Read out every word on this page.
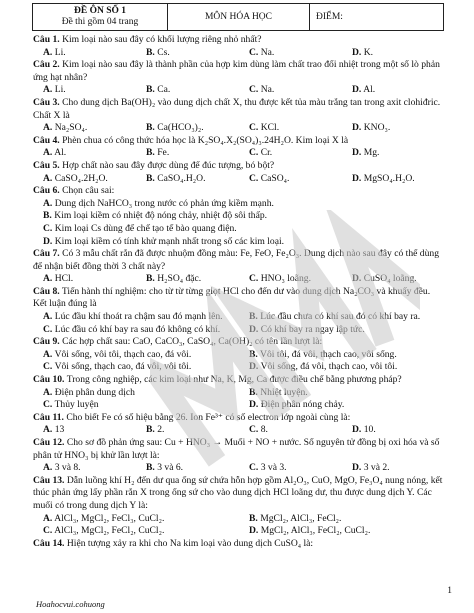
ĐỀ ÔN SỐ 1
Đề thi gồm 04 trang
MÔN HÓA HỌC	ĐIỂM:
Câu 1. Kim loại nào sau đây có khối lượng riêng nhỏ nhất?
A. Li.	B. Cs.	C. Na.	D. K.
Câu 2. Kim loại nào sau đây là thành phần của hợp kim dùng làm chất trao đổi nhiệt trong một số lò phản ứng hạt nhân?
A. Li.	B. Ca.	C. Na.	D. Al.
Câu 3. Cho dung dịch Ba(OH)₂ vào dung dịch chất X, thu được kết tủa màu trắng tan trong axit clohiđric. Chất X là
A. Na₂SO₄.	B. Ca(HCO₃)₂.	C. KCl.	D. KNO₃.
Câu 4. Phèn chua có công thức hóa học là K₂SO₄.X₂(SO₄)₃.24H₂O. Kim loại X là
A. Al.	B. Fe.	C. Cr.	D. Mg.
Câu 5. Hợp chất nào sau đây được dùng để đúc tượng, bó bột?
A. CaSO₄.2H₂O.	B. CaSO₄.H₂O.	C. CaSO₄.	D. MgSO₄.H₂O.
Câu 6. Chọn câu sai:
A. Dung dịch NaHCO₃ trong nước có phản ứng kiềm mạnh.
B. Kim loại kiềm có nhiệt độ nóng chảy, nhiệt độ sôi thấp.
C. Kim loại Cs dùng để chế tạo tế bào quang điện.
D. Kim loại kiềm có tính khử mạnh nhất trong số các kim loại.
Câu 7. Có 3 mẫu chất rắn đã được nhuộm đồng màu: Fe, FeO, Fe₂O₃. Dung dịch nào sau đây có thể dùng để nhận biết đồng thời 3 chất này?
A. HCl.	B. H₂SO₄ đặc.	C. HNO₃ loãng.	D. CuSO₄ loãng.
Câu 8. Tiến hành thí nghiệm: cho từ từ từng giọt HCl cho đến dư vào dung dịch Na₂CO₃ và khuấy đều. Kết luận đúng là
A. Lúc đầu khí thoát ra chậm sau đó mạnh lên.	B. Lúc đầu chưa có khí sau đó có khí bay ra.
C. Lúc đầu có khí bay ra sau đó không có khí.	D. Có khí bay ra ngay lập tức.
Câu 9. Các hợp chất sau: CaO, CaCO₃, CaSO₄, Ca(OH)₂ có tên lần lượt là:
A. Vôi sống, vôi tôi, thạch cao, đá vôi.	B. Vôi tôi, đá vôi, thạch cao, vôi sống.
C. Vôi sống, thạch cao, đá vôi, vôi tôi.	D. Vôi sống, đá vôi, thạch cao, vôi tôi.
Câu 10. Trong công nghiệp, các kim loại như Na, K, Mg, Ca được điều chế bằng phương pháp?
A. Điện phân dung dịch	B. Nhiệt luyện.
C. Thủy luyện	D. Điện phân nóng chảy.
Câu 11. Cho biết Fe có số hiệu bằng 26. Ion Fe³⁺ có số electron lớp ngoài cùng là:
A. 13	B. 2.	C. 8.	D. 10.
Câu 12. Cho sơ đồ phản ứng sau: Cu + HNO₃ → Muối + NO + nước. Số nguyên tử đồng bị oxi hóa và số phân tử HNO₃ bị khử lần lượt là:
A. 3 và 8.	B. 3 và 6.	C. 3 và 3.	D. 3 và 2.
Câu 13. Dẫn luồng khí H₂ đến dư qua ống sứ chứa hỗn hợp gồm Al₂O₃, CuO, MgO, Fe₃O₄ nung nóng, kết thúc phản ứng lấy phần rắn X trong ống sứ cho vào dung dịch HCl loãng dư, thu được dung dịch Y. Các muối có trong dung dịch Y là:
A. AlCl₃, MgCl₂, FeCl₃, CuCl₂.	B. MgCl₂, AlCl₃, FeCl₂.
C. AlCl₃, MgCl₂, FeCl₂, CuCl₂.	D. MgCl₂, AlCl₃, FeCl₂, CuCl₂.
Câu 14. Hiện tượng xảy ra khi cho Na kim loại vào dung dịch CuSO₄ là:
1
Hoahocvui.cohuong
